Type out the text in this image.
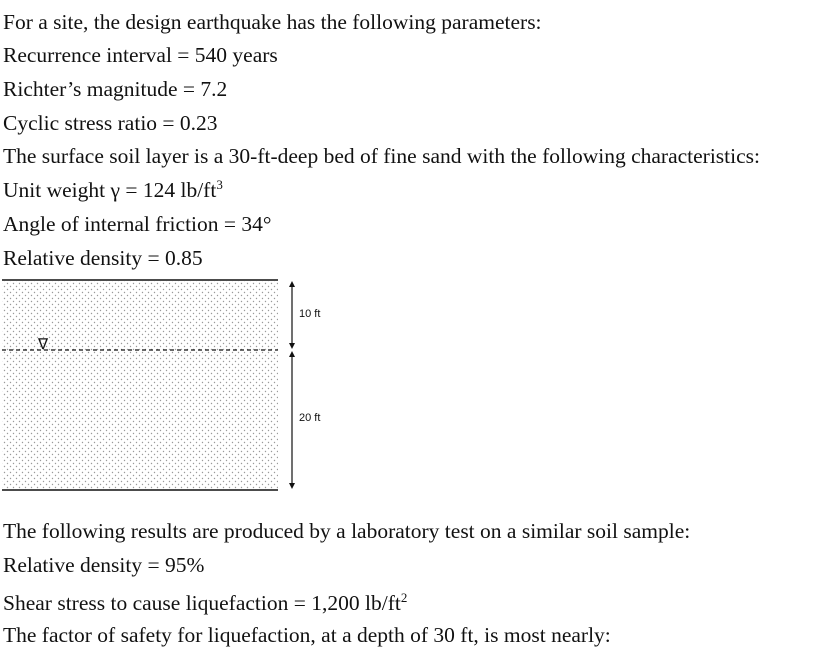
For a site, the design earthquake has the following parameters:

Recurrence interval = 540 years

Richter’s magnitude = 7.2

Cyclic stress ratio = 0.23

The surface soil layer is a 30-ft-deep bed of fine sand with the following characteristics:

Unit weight γ = 124 $lb/ft^3$

Angle of internal friction = 34°

Relative density = 0.85

∇
10 ft
20 ft

The following results are produced by a laboratory test on a similar soil sample:

Relative density = 95%

Shear stress to cause liquefaction = 1,200 $lb/ft^2$

The factor of safety for liquefaction, at a depth of 30 ft, is most nearly:
